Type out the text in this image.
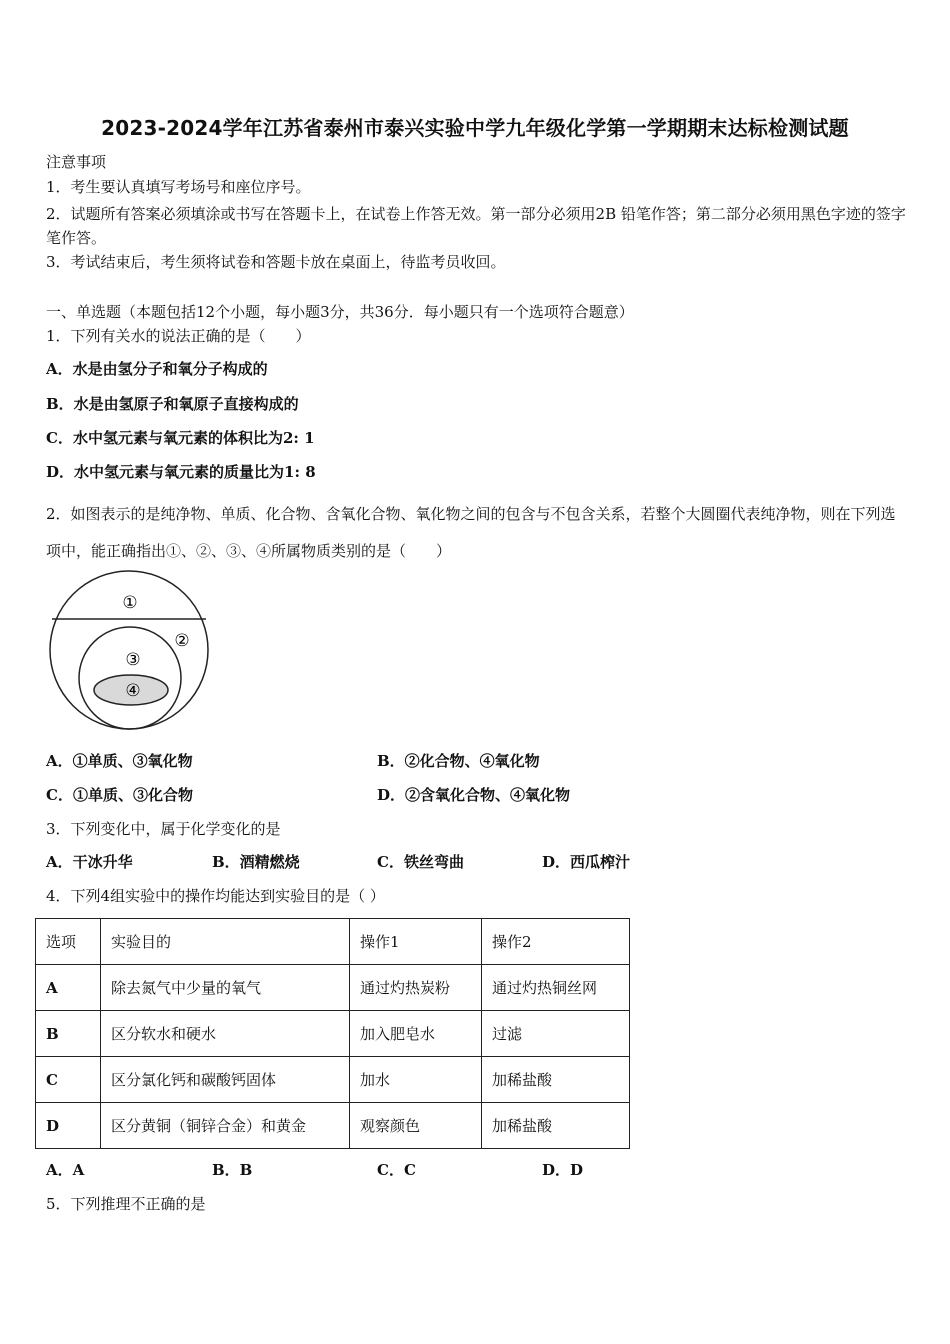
2023-2024学年江苏省泰州市泰兴实验中学九年级化学第一学期期末达标检测试题
注意事项
1．考生要认真填写考场号和座位序号。
2．试题所有答案必须填涂或书写在答题卡上，在试卷上作答无效。第一部分必须用2B 铅笔作答；第二部分必须用黑色字迹的签字笔作答。
3．考试结束后，考生须将试卷和答题卡放在桌面上，待监考员收回。
一、单选题（本题包括12个小题，每小题3分，共36分．每小题只有一个选项符合题意）
1．下列有关水的说法正确的是（　　）
A．水是由氢分子和氧分子构成的
B．水是由氢原子和氧原子直接构成的
C．水中氢元素与氧元素的体积比为2: 1
D．水中氢元素与氧元素的质量比为1: 8
2．如图表示的是纯净物、单质、化合物、含氧化合物、氧化物之间的包含与不包含关系，若整个大圆圈代表纯净物，则在下列选项中，能正确指出①、②、③、④所属物质类别的是（　　）
①
②
③
④
A．①单质、③氧化物	B．②化合物、④氧化物
C．①单质、③化合物	D．②含氧化合物、④氧化物
3．下列变化中，属于化学变化的是
A．干冰升华	B．酒精燃烧	C．铁丝弯曲	D．西瓜榨汁
4．下列4组实验中的操作均能达到实验目的是（ ）
选项	实验目的	操作1	操作2
A	除去氮气中少量的氧气	通过灼热炭粉	通过灼热铜丝网
B	区分软水和硬水	加入肥皂水	过滤
C	区分氯化钙和碳酸钙固体	加水	加稀盐酸
D	区分黄铜（铜锌合金）和黄金	观察颜色	加稀盐酸
A．A	B．B	C．C	D．D
5．下列推理不正确的是
